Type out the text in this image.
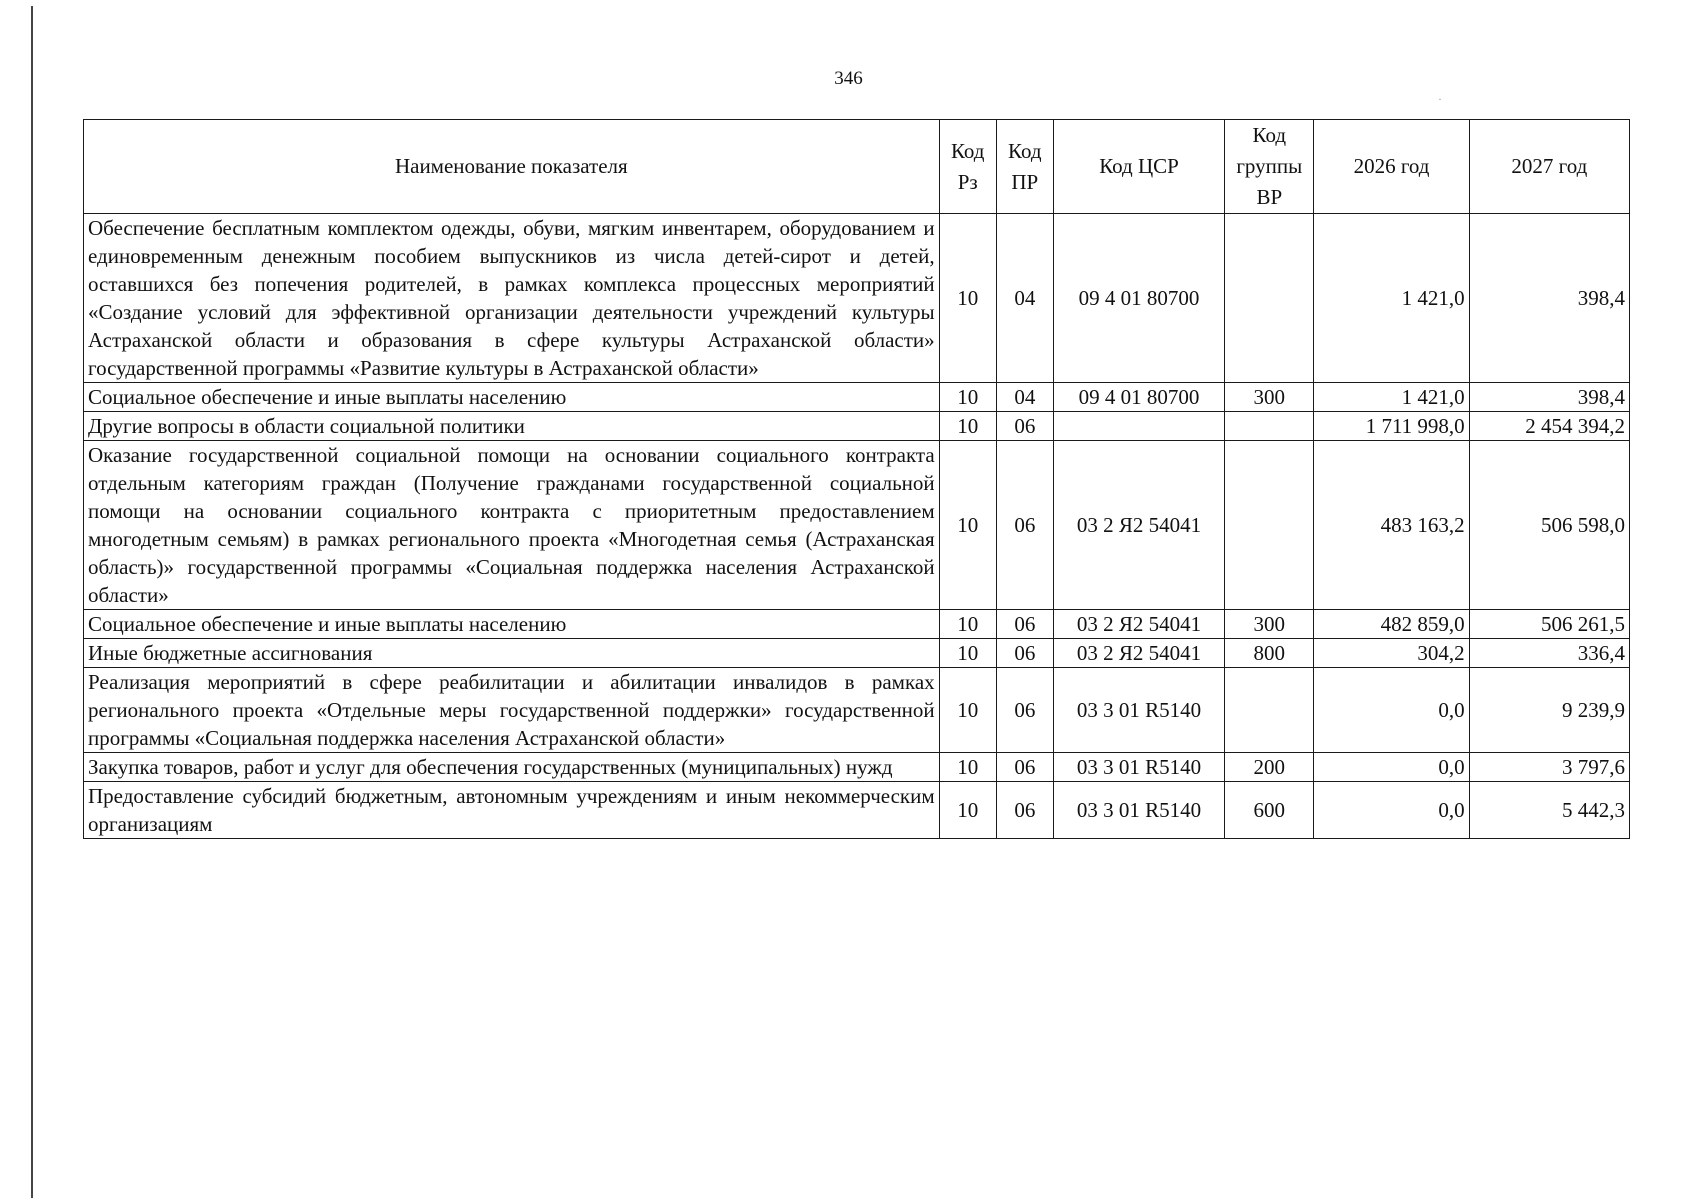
·
346
Наименование показателя	Код Рз	Код ПР	Код ЦСР	Код группы ВР	2026 год	2027 год
Обеспечение бесплатным комплектом одежды, обуви, мягким инвентарем, оборудованием и единовременным денежным пособием выпускников из числа детей-сирот и детей, оставшихся без попечения родителей, в рамках комплекса процессных мероприятий «Создание условий для эффективной организации деятельности учреждений культуры Астраханской области и образования в сфере культуры Астраханской области» государственной программы «Развитие культуры в Астраханской области»	10	04	09 4 01 80700		1 421,0	398,4
Социальное обеспечение и иные выплаты населению	10	04	09 4 01 80700	300	1 421,0	398,4
Другие вопросы в области социальной политики	10	06			1 711 998,0	2 454 394,2
Оказание государственной социальной помощи на основании социального контракта отдельным категориям граждан (Получение гражданами государственной социальной помощи на основании социального контракта с приоритетным предоставлением многодетным семьям) в рамках регионального проекта «Многодетная семья (Астраханская область)» государственной программы «Социальная поддержка населения Астраханской области»	10	06	03 2 Я2 54041		483 163,2	506 598,0
Социальное обеспечение и иные выплаты населению	10	06	03 2 Я2 54041	300	482 859,0	506 261,5
Иные бюджетные ассигнования	10	06	03 2 Я2 54041	800	304,2	336,4
Реализация мероприятий в сфере реабилитации и абилитации инвалидов в рамках регионального проекта «Отдельные меры государственной поддержки» государственной программы «Социальная поддержка населения Астраханской области»	10	06	03 3 01 R5140		0,0	9 239,9
Закупка товаров, работ и услуг для обеспечения государственных (муниципальных) нужд	10	06	03 3 01 R5140	200	0,0	3 797,6
Предоставление субсидий бюджетным, автономным учреждениям и иным некоммерческим организациям	10	06	03 3 01 R5140	600	0,0	5 442,3
